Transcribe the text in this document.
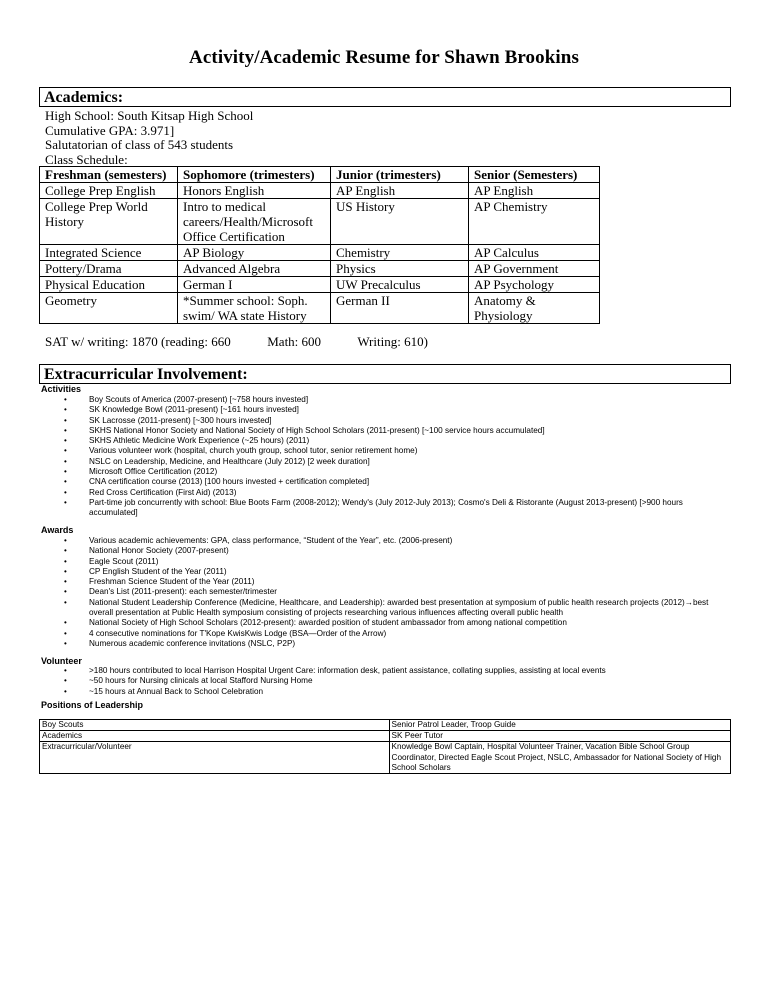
Activity/Academic Resume for Shawn Brookins
Academics:
High School: South Kitsap High School
Cumulative GPA: 3.971]
Salutatorian of class of 543 students
Class Schedule:
Freshman (semesters)	Sophomore (trimesters)	Junior (trimesters)	Senior (Semesters)
College Prep English	Honors English	AP English	AP English
College Prep World History	Intro to medical careers/Health/Microsoft Office Certification	US History	AP Chemistry
Integrated Science	AP Biology	Chemistry	AP Calculus
Pottery/Drama	Advanced Algebra	Physics	AP Government
Physical Education	German I	UW Precalculus	AP Psychology
Geometry	*Summer school: Soph. swim/ WA state History	German II	Anatomy & Physiology
SAT w/ writing: 1870 (reading: 660	Math: 600	Writing: 610)
Extracurricular Involvement:
Activities
• Boy Scouts of America (2007-present) [~758 hours invested]
• SK Knowledge Bowl (2011-present) [~161 hours invested]
• SK Lacrosse (2011-present) [~300 hours invested]
• SKHS National Honor Society and National Society of High School Scholars (2011-present) [~100 service hours accumulated]
• SKHS Athletic Medicine Work Experience (~25 hours) (2011)
• Various volunteer work (hospital, church youth group, school tutor, senior retirement home)
• NSLC on Leadership, Medicine, and Healthcare (July 2012) [2 week duration]
• Microsoft Office Certification (2012)
• CNA certification course (2013) [100 hours invested + certification completed]
• Red Cross Certification (First Aid) (2013)
• Part-time job concurrently with school: Blue Boots Farm (2008-2012); Wendy's (July 2012-July 2013); Cosmo's Deli & Ristorante (August 2013-present) [>900 hours accumulated]
Awards
• Various academic achievements: GPA, class performance, “Student of the Year”, etc. (2006-present)
• National Honor Society (2007-present)
• Eagle Scout (2011)
• CP English Student of the Year (2011)
• Freshman Science Student of the Year (2011)
• Dean's List (2011-present): each semester/trimester
• National Student Leadership Conference (Medicine, Healthcare, and Leadership): awarded best presentation at symposium of public health research projects (2012)→best overall presentation at Public Health symposium consisting of projects researching various influences affecting overall public health
• National Society of High School Scholars (2012-present): awarded position of student ambassador from among national competition
• 4 consecutive nominations for T'Kope KwisKwis Lodge (BSA—Order of the Arrow)
• Numerous academic conference invitations (NSLC, P2P)
Volunteer
• >180 hours contributed to local Harrison Hospital Urgent Care: information desk, patient assistance, collating supplies, assisting at local events
• ~50 hours for Nursing clinicals at local Stafford Nursing Home
• ~15 hours at Annual Back to School Celebration
Positions of Leadership
Boy Scouts	Senior Patrol Leader, Troop Guide
Academics	SK Peer Tutor
Extracurricular/Volunteer	Knowledge Bowl Captain, Hospital Volunteer Trainer, Vacation Bible School Group Coordinator, Directed Eagle Scout Project, NSLC, Ambassador for National Society of High School Scholars
